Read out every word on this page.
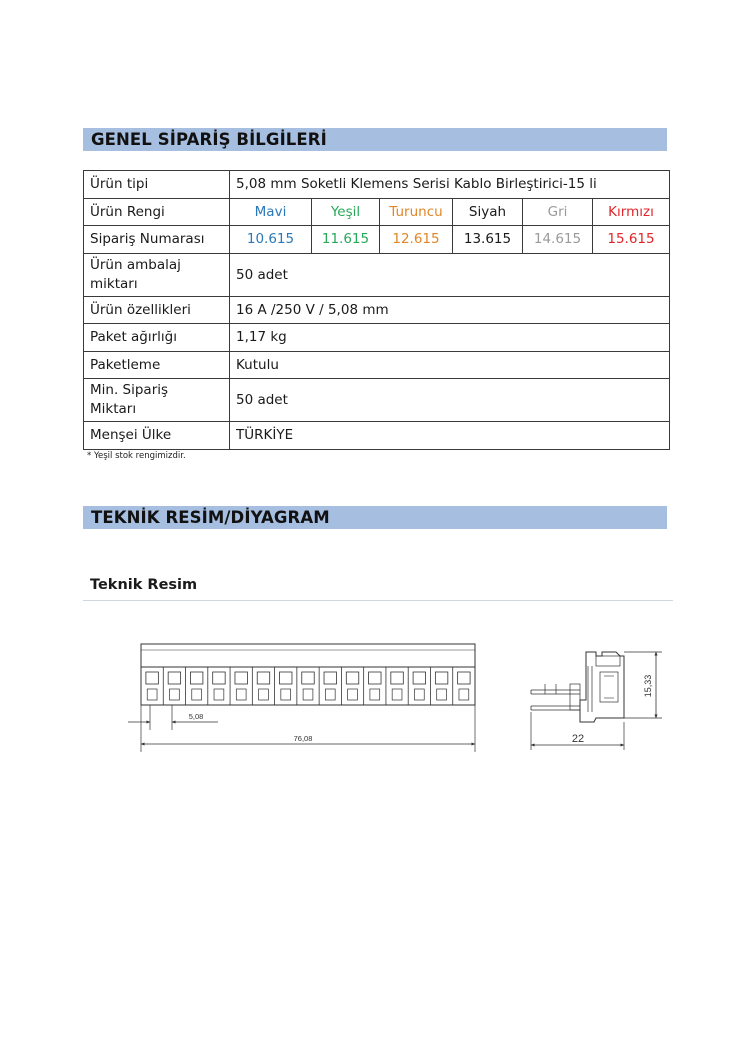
GENEL SİPARİŞ BİLGİLERİ
Ürün tipi	5,08 mm Soketli Klemens Serisi Kablo Birleştirici-15 li					
Ürün Rengi	Mavi	Yeşil	Turuncu	Siyah	Gri	Kırmızı
Sipariş Numarası	10.615	11.615	12.615	13.615	14.615	15.615
Ürün ambalaj
miktarı	50 adet					
Ürün özellikleri	16 A /250 V / 5,08 mm					
Paket ağırlığı	1,17 kg					
Paketleme	Kutulu					
Min. Sipariş
Miktarı	50 adet					
Menşei Ülke	TÜRKİYE					
* Yeşil stok rengimizdir.
TEKNİK RESİM/DİYAGRAM
Teknik Resim
5,08
76,08
15,33
22
